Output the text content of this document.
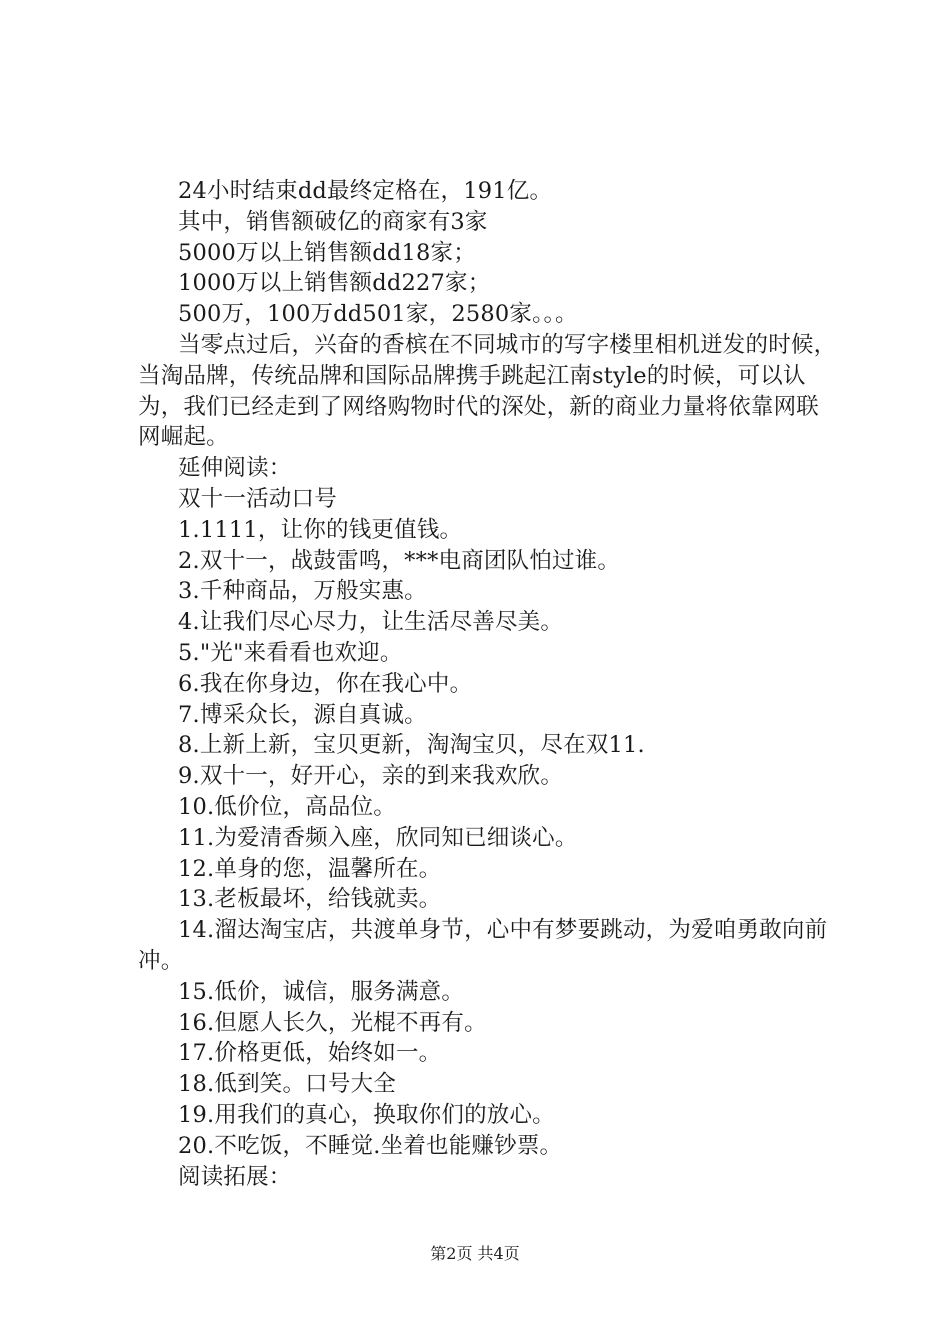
24小时结束dd最终定格在，191亿。

其中，销售额破亿的商家有3家

5000万以上销售额dd18家；

1000万以上销售额dd227家；

500万，100万dd501家，2580家。。。

当零点过后，兴奋的香槟在不同城市的写字楼里相机迸发的时候，当淘品牌，传统品牌和国际品牌携手跳起江南style的时候，可以认为，我们已经走到了网络购物时代的深处，新的商业力量将依靠网联网崛起。

延伸阅读：

双十一活动口号

1.1111，让你的钱更值钱。

2.双十一，战鼓雷鸣，***电商团队怕过谁。

3.千种商品，万般实惠。

4.让我们尽心尽力，让生活尽善尽美。

5."光"来看看也欢迎。

6.我在你身边，你在我心中。

7.博采众长，源自真诚。

8.上新上新，宝贝更新，淘淘宝贝，尽在双11.

9.双十一，好开心，亲的到来我欢欣。

10.低价位，高品位。

11.为爱清香频入座，欣同知已细谈心。

12.单身的您，温馨所在。

13.老板最坏，给钱就卖。

14.溜达淘宝店，共渡单身节，心中有梦要跳动，为爱咱勇敢向前冲。

15.低价，诚信，服务满意。

16.但愿人长久，光棍不再有。

17.价格更低，始终如一。

18.低到笑。口号大全

19.用我们的真心，换取你们的放心。

20.不吃饭，不睡觉.坐着也能赚钞票。

阅读拓展：

第2页 共4页
